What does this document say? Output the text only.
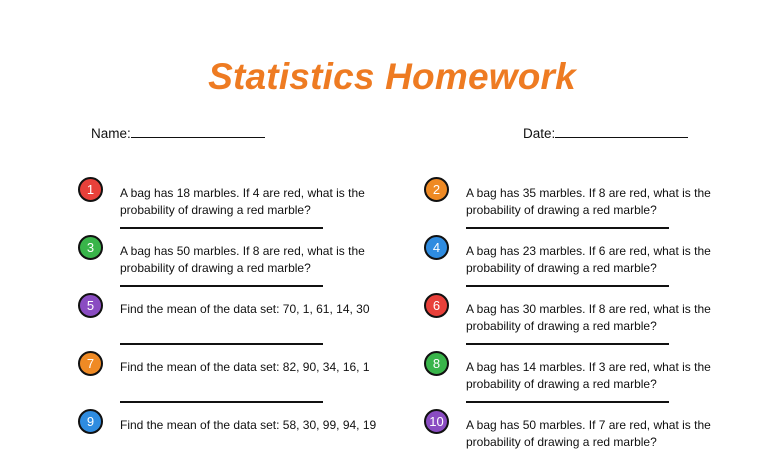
Statistics Homework
Name:	Date:
1	A bag has 18 marbles. If 4 are red, what is the probability of drawing a red marble?
3	A bag has 50 marbles. If 8 are red, what is the probability of drawing a red marble?
5	Find the mean of the data set: 70, 1, 61, 14, 30
7	Find the mean of the data set: 82, 90, 34, 16, 1
9	Find the mean of the data set: 58, 30, 99, 94, 19
2	A bag has 35 marbles. If 8 are red, what is the probability of drawing a red marble?
4	A bag has 23 marbles. If 6 are red, what is the probability of drawing a red marble?
6	A bag has 30 marbles. If 8 are red, what is the probability of drawing a red marble?
8	A bag has 14 marbles. If 3 are red, what is the probability of drawing a red marble?
10	A bag has 50 marbles. If 7 are red, what is the probability of drawing a red marble?
